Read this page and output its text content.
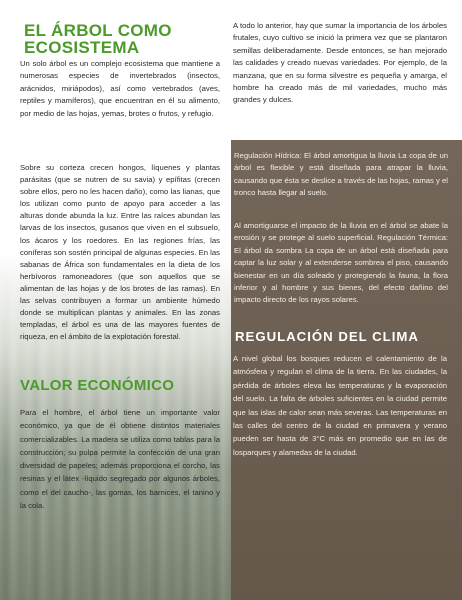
EL ÁRBOL COMO ECOSISTEMA

Un solo árbol es un complejo ecosistema que mantiene a numerosas especies de invertebrados (insectos, arácnidos, miriápodos), así como vertebrados (aves, reptiles y mamíferos), que encuentran en él su alimento, por medio de las hojas, yemas, brotes o frutos, y refugio.

Sobre su corteza crecen hongos, líquenes y plantas parásitas (que se nutren de su savia) y epífitas (crecen sobre ellos, pero no les hacen daño), como las lianas, que los utilizan como punto de apoyo para acceder a las alturas donde abunda la luz. Entre las raíces abundan las larvas de los insectos, gusanos que viven en el subsuelo, los ácaros y los roedores. En las regiones frías, las coníferas son sostén principal de algunas especies. En las sabanas de África son fundamentales en la dieta de los herbívoros ramoneadores (que son aquellos que se alimentan de las hojas y de los brotes de las ramas). En las selvas contribuyen a formar un ambiente húmedo donde se multiplican plantas y animales. En las zonas templadas, el árbol es una de las mayores fuentes de riqueza, en el ámbito de la explotación forestal.

VALOR ECONÓMICO

Para el hombre, el árbol tiene un importante valor económico, ya que de él obtiene distintos materiales comercializables. La madera se utiliza como tablas para la construcción; su pulpa permite la confección de una gran diversidad de papeles; además proporciona el corcho, las resinas y el látex -líquido segregado por algunos árboles, como el del caucho-, las gomas, los barnices, el tanino y la cola.

A todo lo anterior, hay que sumar la importancia de los árboles frutales, cuyo cultivo se inició la primera vez que se plantaron semillas deliberadamente. Desde entonces, se han mejorado las calidades y creado nuevas variedades. Por ejemplo, de la manzana, que en su forma silvestre es pequeña y amarga, el hombre ha creado más de mil variedades, mucho más grandes y dulces.

Regulación Hídrica: El árbol amortigua la lluvia La copa de un árbol es flexible y está diseñada para atrapar la lluvia, causando que ésta se deslice a través de las hojas, ramas y el tronco hasta llegar al suelo.

Al amortiguarse el impacto de la lluvia en el árbol se abate la erosión y se protege al suelo superficial. Regulación Térmica: El árbol da sombra La copa de un árbol está diseñada para captar la luz solar y al extenderse sombrea el piso, causando bienestar en un día soleado y protegiendo la fauna, la flora inferior y al hombre y sus bienes, del efecto dañino del impacto directo de los rayos solares.

REGULACIÓN DEL CLIMA

A nivel global los bosques reducen el calentamiento de la atmósfera y regulan el clima de la tierra. En las ciudades, la pérdida de árboles eleva las temperaturas y la evaporación del suelo. La falta de árboles suficientes en la ciudad permite que las islas de calor sean más severas. Las temperaturas en las calles del centro de la ciudad en primavera y verano pueden ser hasta de 3°C más en promedio que en las de losparques y alamedas de la ciudad.
